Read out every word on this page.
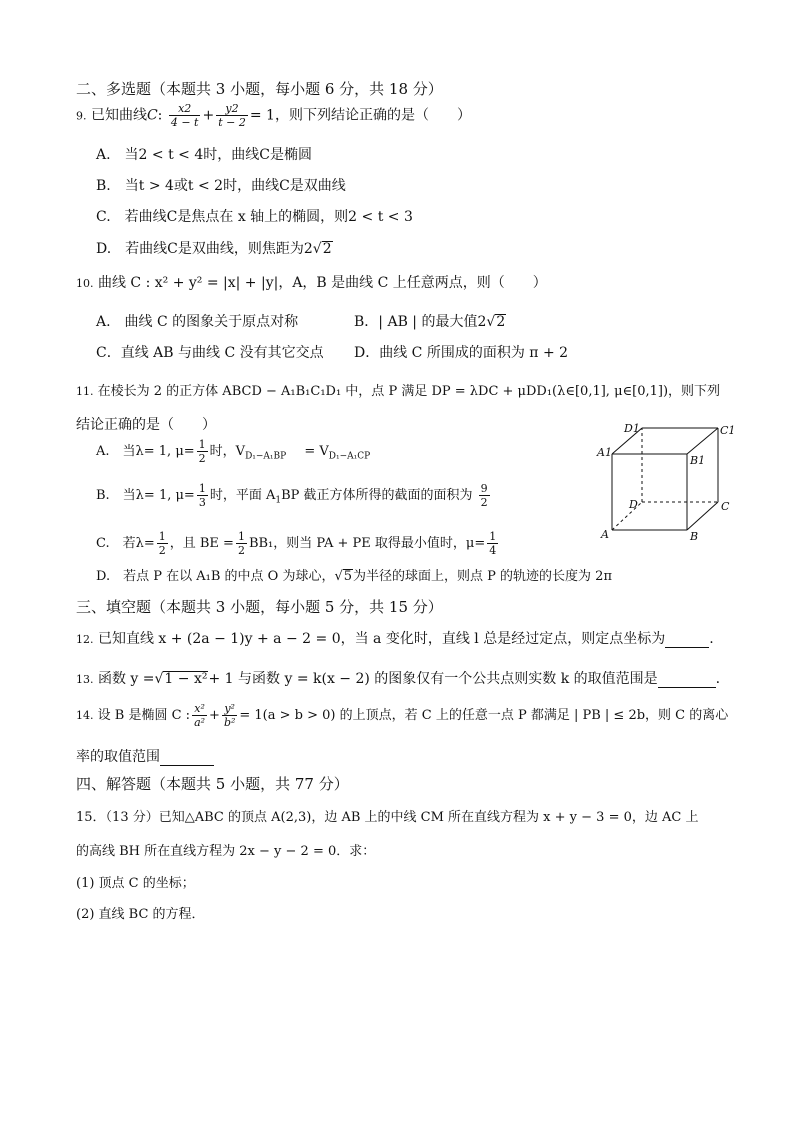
二、多选题（本题共 3 小题，每小题 6 分，共 18 分）
9. 已知曲线C: $\frac{x2}{4 - t} + \frac{y2}{t - 2} = 1$，则下列结论正确的是（　　）
A.　当2 < t < 4时，曲线C是椭圆
B.　当t > 4或t < 2时，曲线C是双曲线
C.　若曲线C是焦点在 x 轴上的椭圆，则2 < t < 3
D.　若曲线C是双曲线，则焦距为2√2
10. 曲线 C : x² + y² = |x| + |y|，A，B 是曲线 C 上任意两点，则（　　）
A.　曲线 C 的图象关于原点对称	B．| AB | 的最大值2√2
C．直线 AB 与曲线 C 没有其它交点 D．曲线 C 所围成的面积为 π + 2
11. 在棱长为 2 的正方体 ABCD − A₁B₁C₁D₁ 中，点 P 满足 DP = λDC + μDD₁(λ∈[0,1], μ∈[0,1])，则下列
结论正确的是（　　）
A.　当λ= 1, $\mu= \frac{1}{2}$ 时，$V_{D_1-A_1BP} = V_{D_1-A_1CP}$
B.　当λ= 1, $\mu= \frac{1}{3}$ 时，平面 $A_1BP$ 截正方体所得的截面的面积为 $\frac{9}{2}$
C.　若$\lambda= \frac{1}{2}$ ，且 BE = $\frac{1}{2} BB_1$，则当 PA + PE 取得最小值时，$\mu= \frac{1}{4}$
D.　若点 P 在以 A₁B 的中点 O 为球心，√5为半径的球面上，则点 P 的轨迹的长度为 2π
A	B
C
D
A1
B1
C1
D1
三、填空题（本题共 3 小题，每小题 5 分，共 15 分）
12. 已知直线 x + (2a − 1)y + a − 2 = 0，当 a 变化时，直线 l 总是经过定点，则定点坐标为	.
13. 函数 y =√1 − x²+ 1 与函数 y = k(x − 2) 的图象仅有一个公共点则实数 k 的取值范围是	.
14. 设 B 是椭圆 C : $\frac{\text{x²}}{\text{a²}} + \frac{\text{y²}}{\text{b²}} = 1(a > b > 0)$ 的上顶点，若 C 上的任意一点 P 都满足 | PB | ≤ 2b，则 C 的离心
率的取值范围
四、解答题（本题共 5 小题，共 77 分）
15．（13 分）已知△ABC 的顶点 A(2,3)，边 AB 上的中线 CM 所在直线方程为 x + y − 3 = 0，边 AC 上
的高线 BH 所在直线方程为 2x − y − 2 = 0．求：
(1) 顶点 C 的坐标；
(2) 直线 BC 的方程．
